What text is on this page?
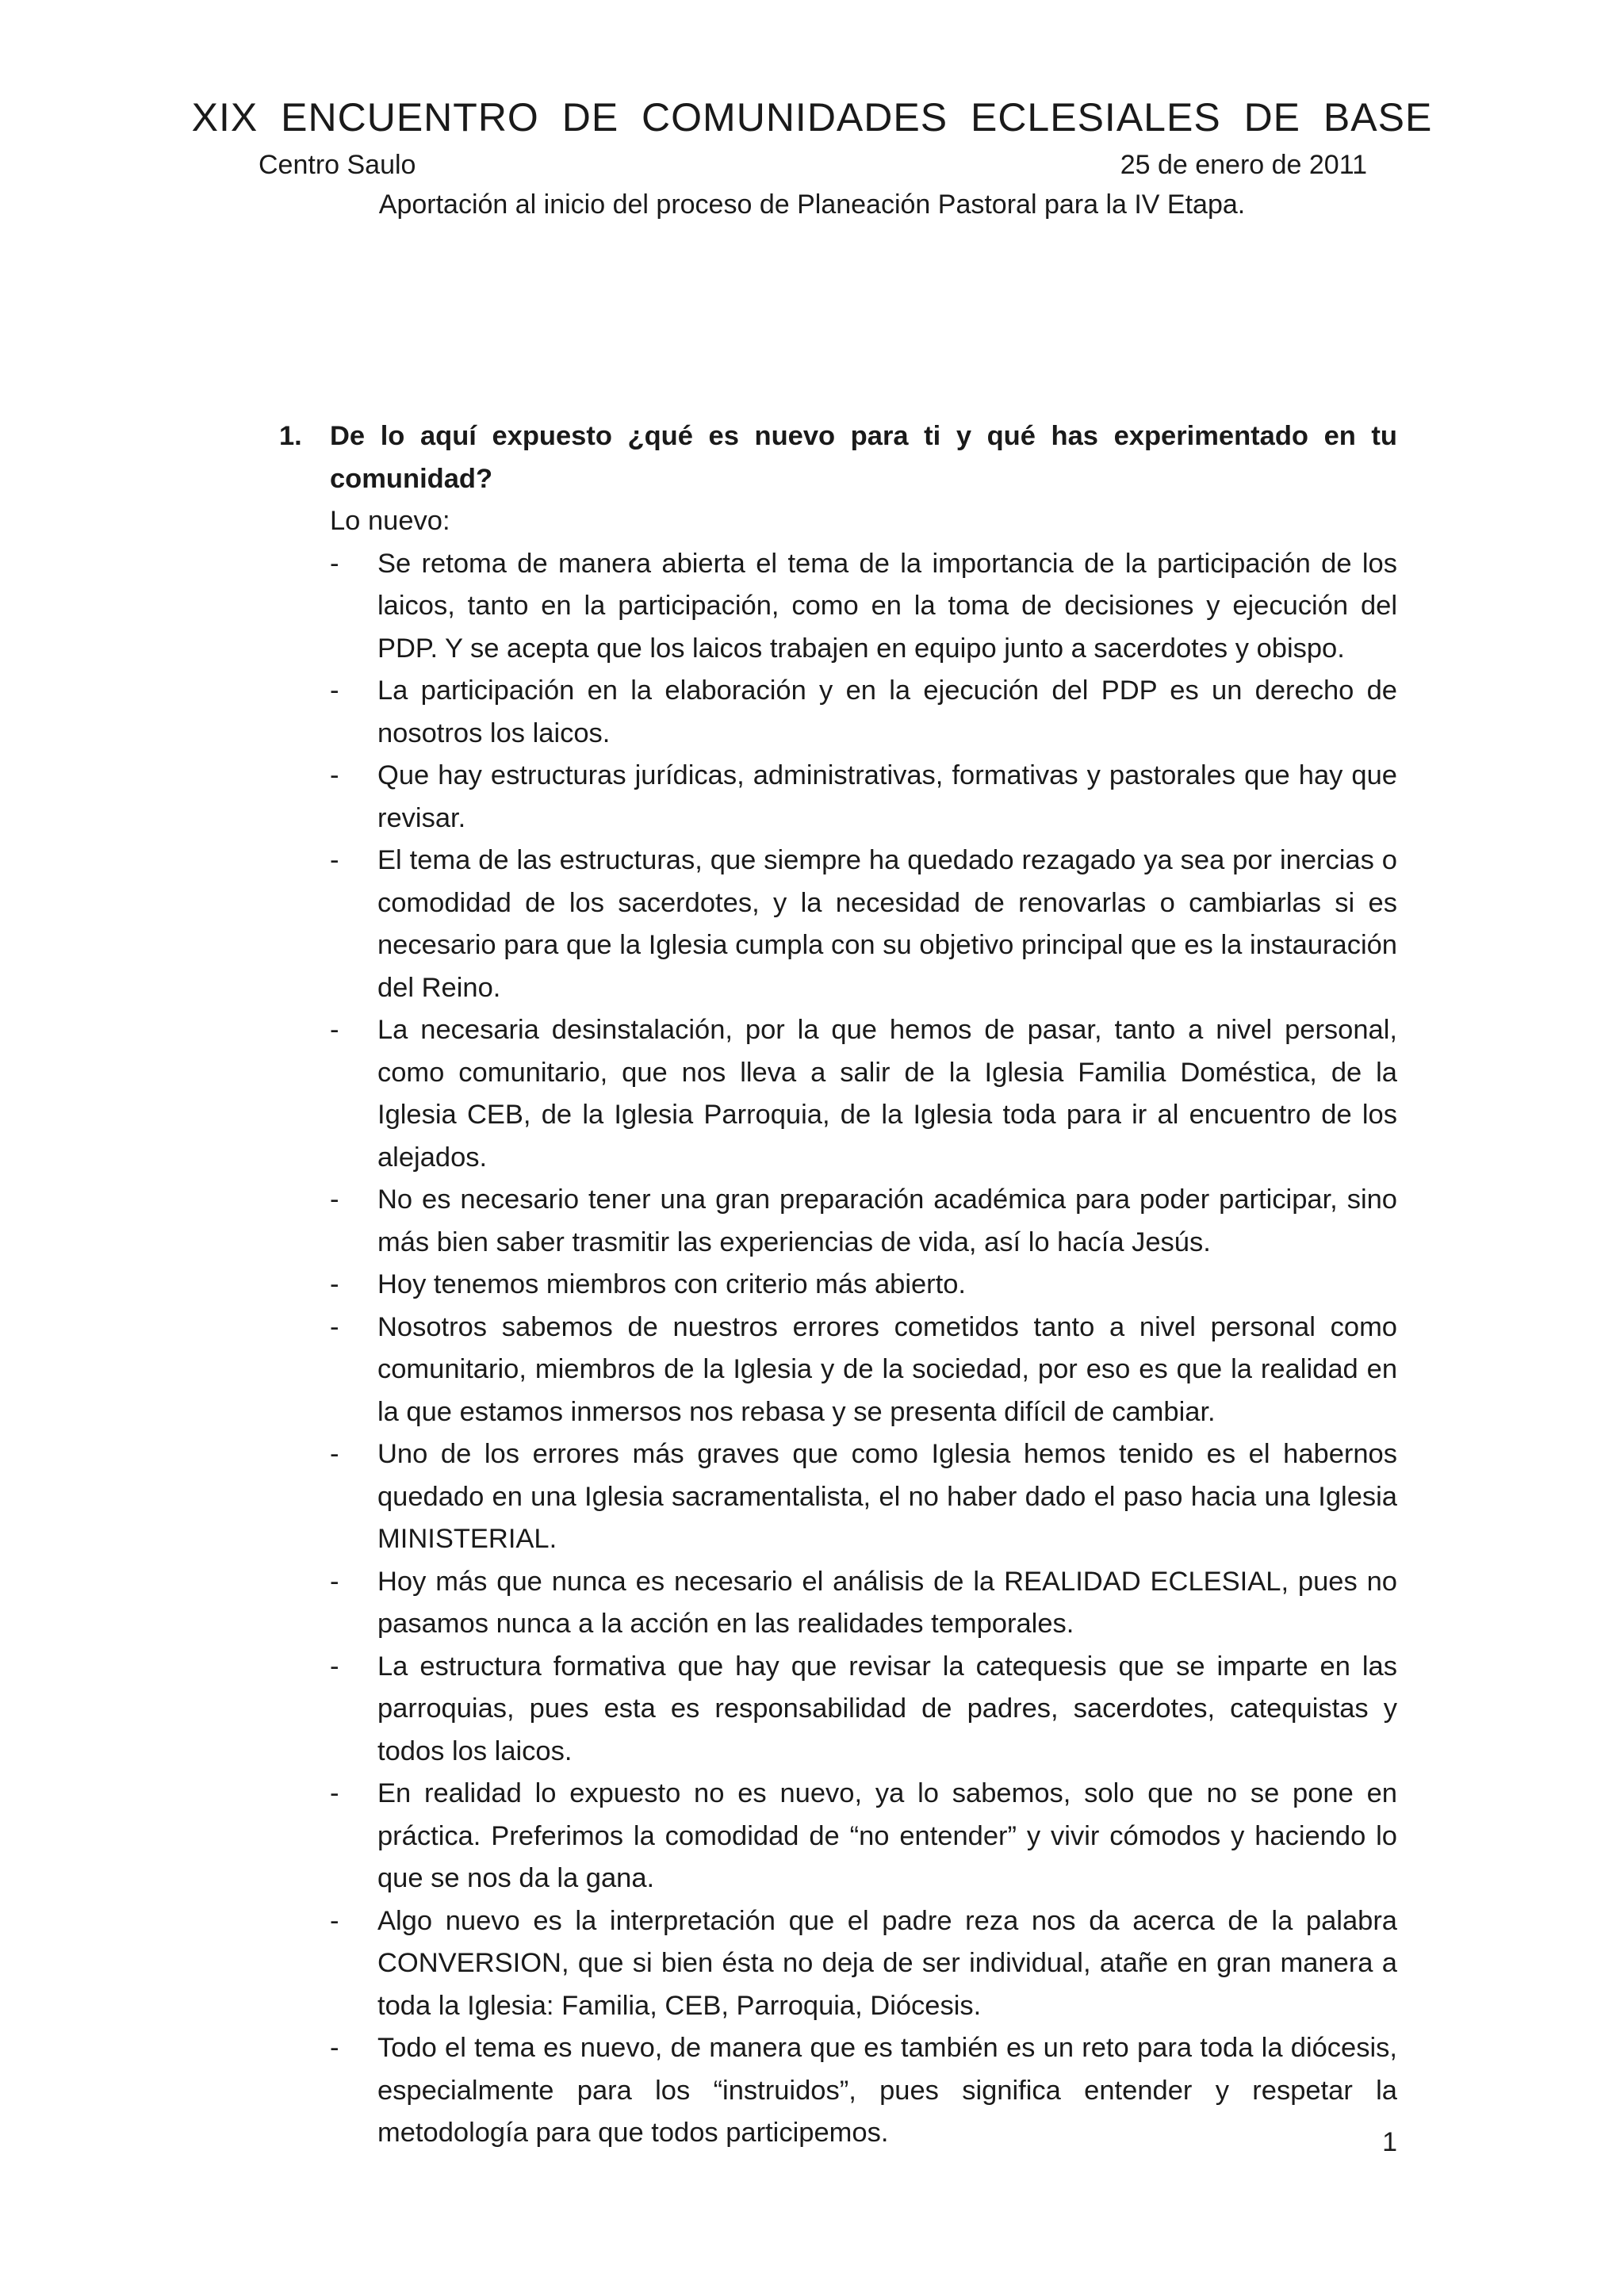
XIX ENCUENTRO DE COMUNIDADES ECLESIALES DE BASE
Centro Saulo	25 de enero de 2011
Aportación al inicio del proceso de Planeación Pastoral para la IV Etapa.
1.	De lo aquí expuesto ¿qué es nuevo para ti y qué has experimentado en tu comunidad?
Lo nuevo:
-	Se retoma de manera abierta el tema de la importancia de la participación de los laicos, tanto en la participación, como en la toma de decisiones y ejecución del PDP. Y se acepta que los laicos trabajen en equipo junto a sacerdotes y obispo.
-	La participación en la elaboración y en la ejecución del PDP es un derecho de nosotros los laicos.
-	Que hay estructuras jurídicas, administrativas, formativas y pastorales que hay que revisar.
-	El tema de las estructuras, que siempre ha quedado rezagado ya sea por inercias o comodidad de los sacerdotes, y la necesidad de renovarlas o cambiarlas si es necesario para que la Iglesia cumpla con su objetivo principal que es la instauración del Reino.
-	La necesaria desinstalación, por la que hemos de pasar, tanto a nivel personal, como comunitario, que nos lleva a salir de la Iglesia Familia Doméstica, de la Iglesia CEB, de la Iglesia Parroquia, de la Iglesia toda para ir al encuentro de los alejados.
-	No es necesario tener una gran preparación académica para poder participar, sino más bien saber trasmitir las experiencias de vida, así lo hacía Jesús.
-	Hoy tenemos miembros con criterio más abierto.
-	Nosotros sabemos de nuestros errores cometidos tanto a nivel personal como comunitario, miembros de la Iglesia y de la sociedad, por eso es que la realidad en la que estamos inmersos nos rebasa y se presenta difícil de cambiar.
-	Uno de los errores más graves que como Iglesia hemos tenido es el habernos quedado en una Iglesia sacramentalista, el no haber dado el paso hacia una Iglesia MINISTERIAL.
-	Hoy más que nunca es necesario el análisis de la REALIDAD ECLESIAL, pues no pasamos nunca a la acción en las realidades temporales.
-	La estructura formativa que hay que revisar la catequesis que se imparte en las parroquias, pues esta es responsabilidad de padres, sacerdotes, catequistas y todos los laicos.
-	En realidad lo expuesto no es nuevo, ya lo sabemos, solo que no se pone en práctica. Preferimos la comodidad de “no entender” y vivir cómodos y haciendo lo que se nos da la gana.
-	Algo nuevo es la interpretación que el padre reza nos da acerca de la palabra CONVERSION, que si bien ésta no deja de ser individual, atañe en gran manera a toda la Iglesia: Familia, CEB, Parroquia, Diócesis.
-	Todo el tema es nuevo, de manera que es también es un reto para toda la diócesis, especialmente para los “instruidos”, pues significa entender y respetar la metodología para que todos participemos.	1
